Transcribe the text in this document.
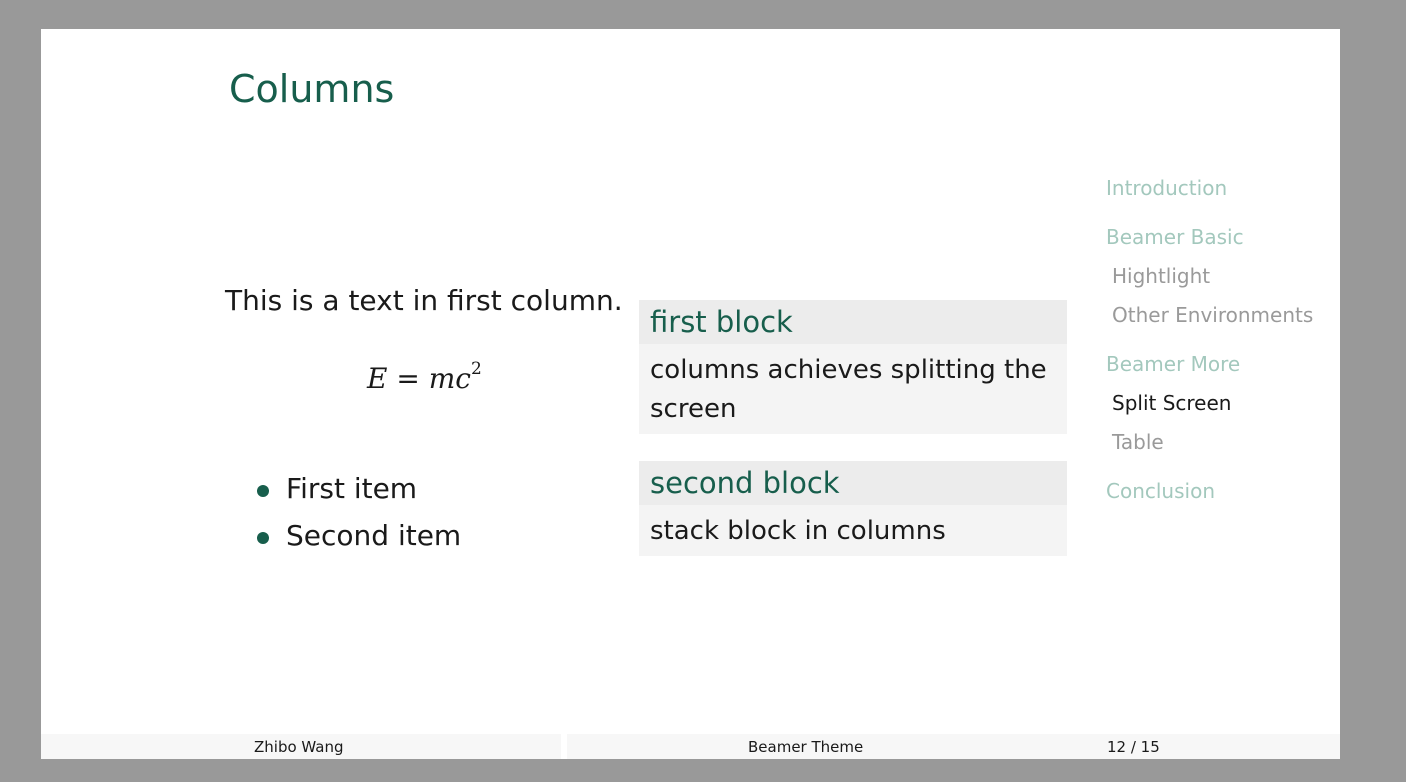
Columns
This is a text in first column.
$E = mc^2$
First item
Second item
first block
columns achieves splitting the screen
second block
stack block in columns
Introduction
Beamer Basic
Hightlight
Other Environments
Beamer More
Split Screen
Table
Conclusion
Zhibo Wang	Beamer Theme	12 / 15
